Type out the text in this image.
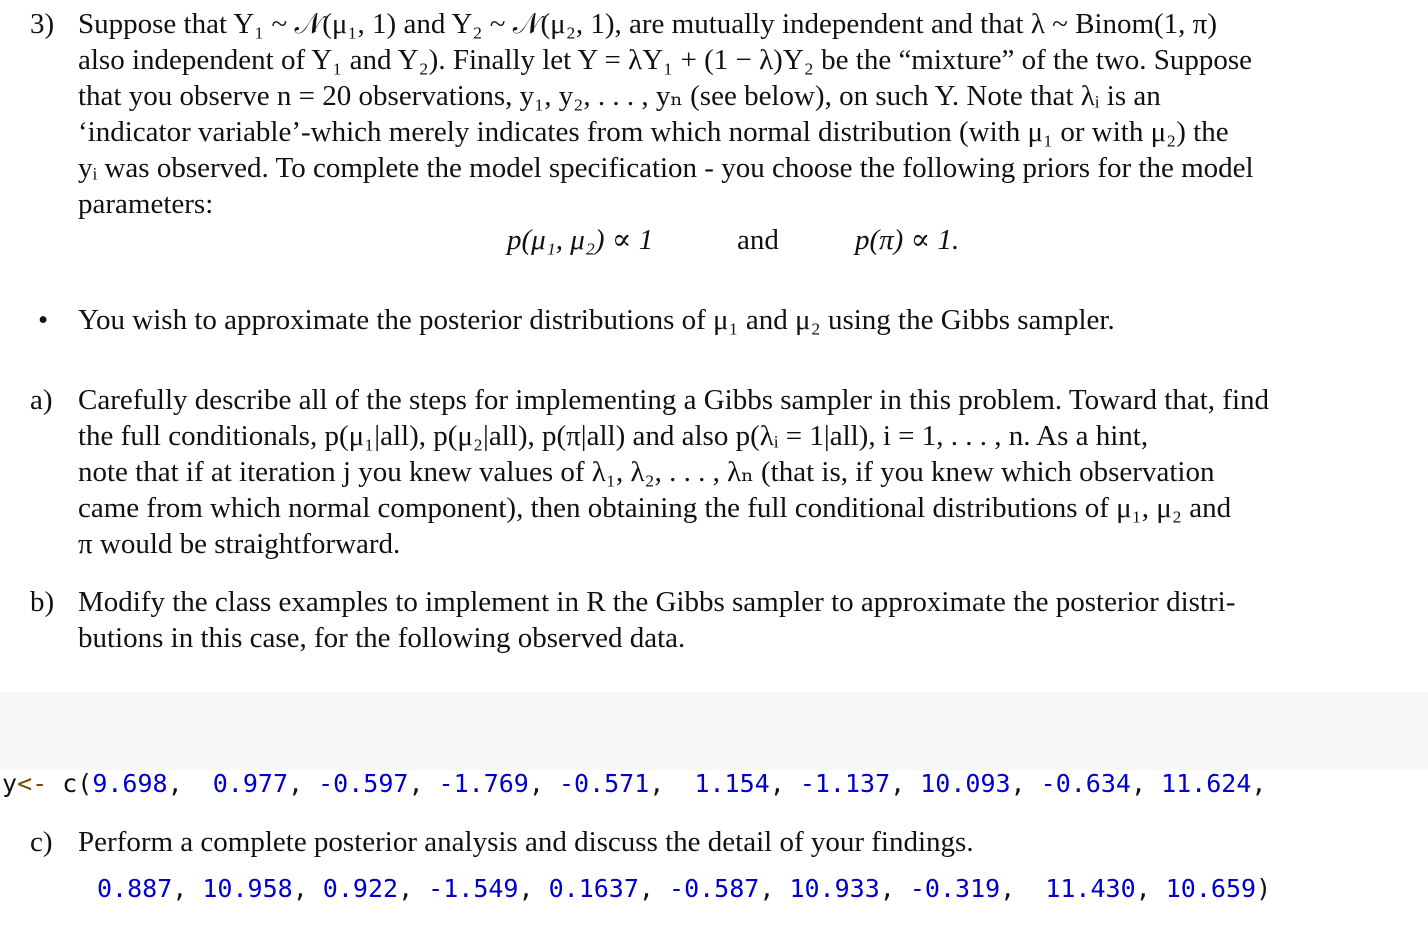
3) Suppose that Y₁ ~ 𝒩(μ₁, 1) and Y₂ ~ 𝒩(μ₂, 1), are mutually independent and that λ ~ Binom(1, π)
also independent of Y₁ and Y₂). Finally let Y = λY₁ + (1 − λ)Y₂ be the “mixture” of the two. Suppose
that you observe n = 20 observations, y₁, y₂, . . . , yₙ (see below), on such Y. Note that λᵢ is an
‘indicator variable’-which merely indicates from which normal distribution (with μ₁ or with μ₂) the
yᵢ was observed. To complete the model specification - you choose the following priors for the model
parameters:
p(μ₁, μ₂) ∝ 1	and	p(π) ∝ 1.
• You wish to approximate the posterior distributions of μ₁ and μ₂ using the Gibbs sampler.
a) Carefully describe all of the steps for implementing a Gibbs sampler in this problem. Toward that, find
the full conditionals, p(μ₁|all), p(μ₂|all), p(π|all) and also p(λᵢ = 1|all), i = 1, . . . , n. As a hint,
note that if at iteration j you knew values of λ₁, λ₂, . . . , λₙ (that is, if you knew which observation
came from which normal component), then obtaining the full conditional distributions of μ₁, μ₂ and
π would be straightforward.
b) Modify the class examples to implement in R the Gibbs sampler to approximate the posterior distri-
butions in this case, for the following observed data.

y<- c(9.698,  0.977, -0.597, -1.769, -0.571,  1.154, -1.137, 10.093, -0.634, 11.624,

0.887, 10.958, 0.922, -1.549, 0.1637, -0.587, 10.933, -0.319,  11.430, 10.659)

c) Perform a complete posterior analysis and discuss the detail of your findings.
